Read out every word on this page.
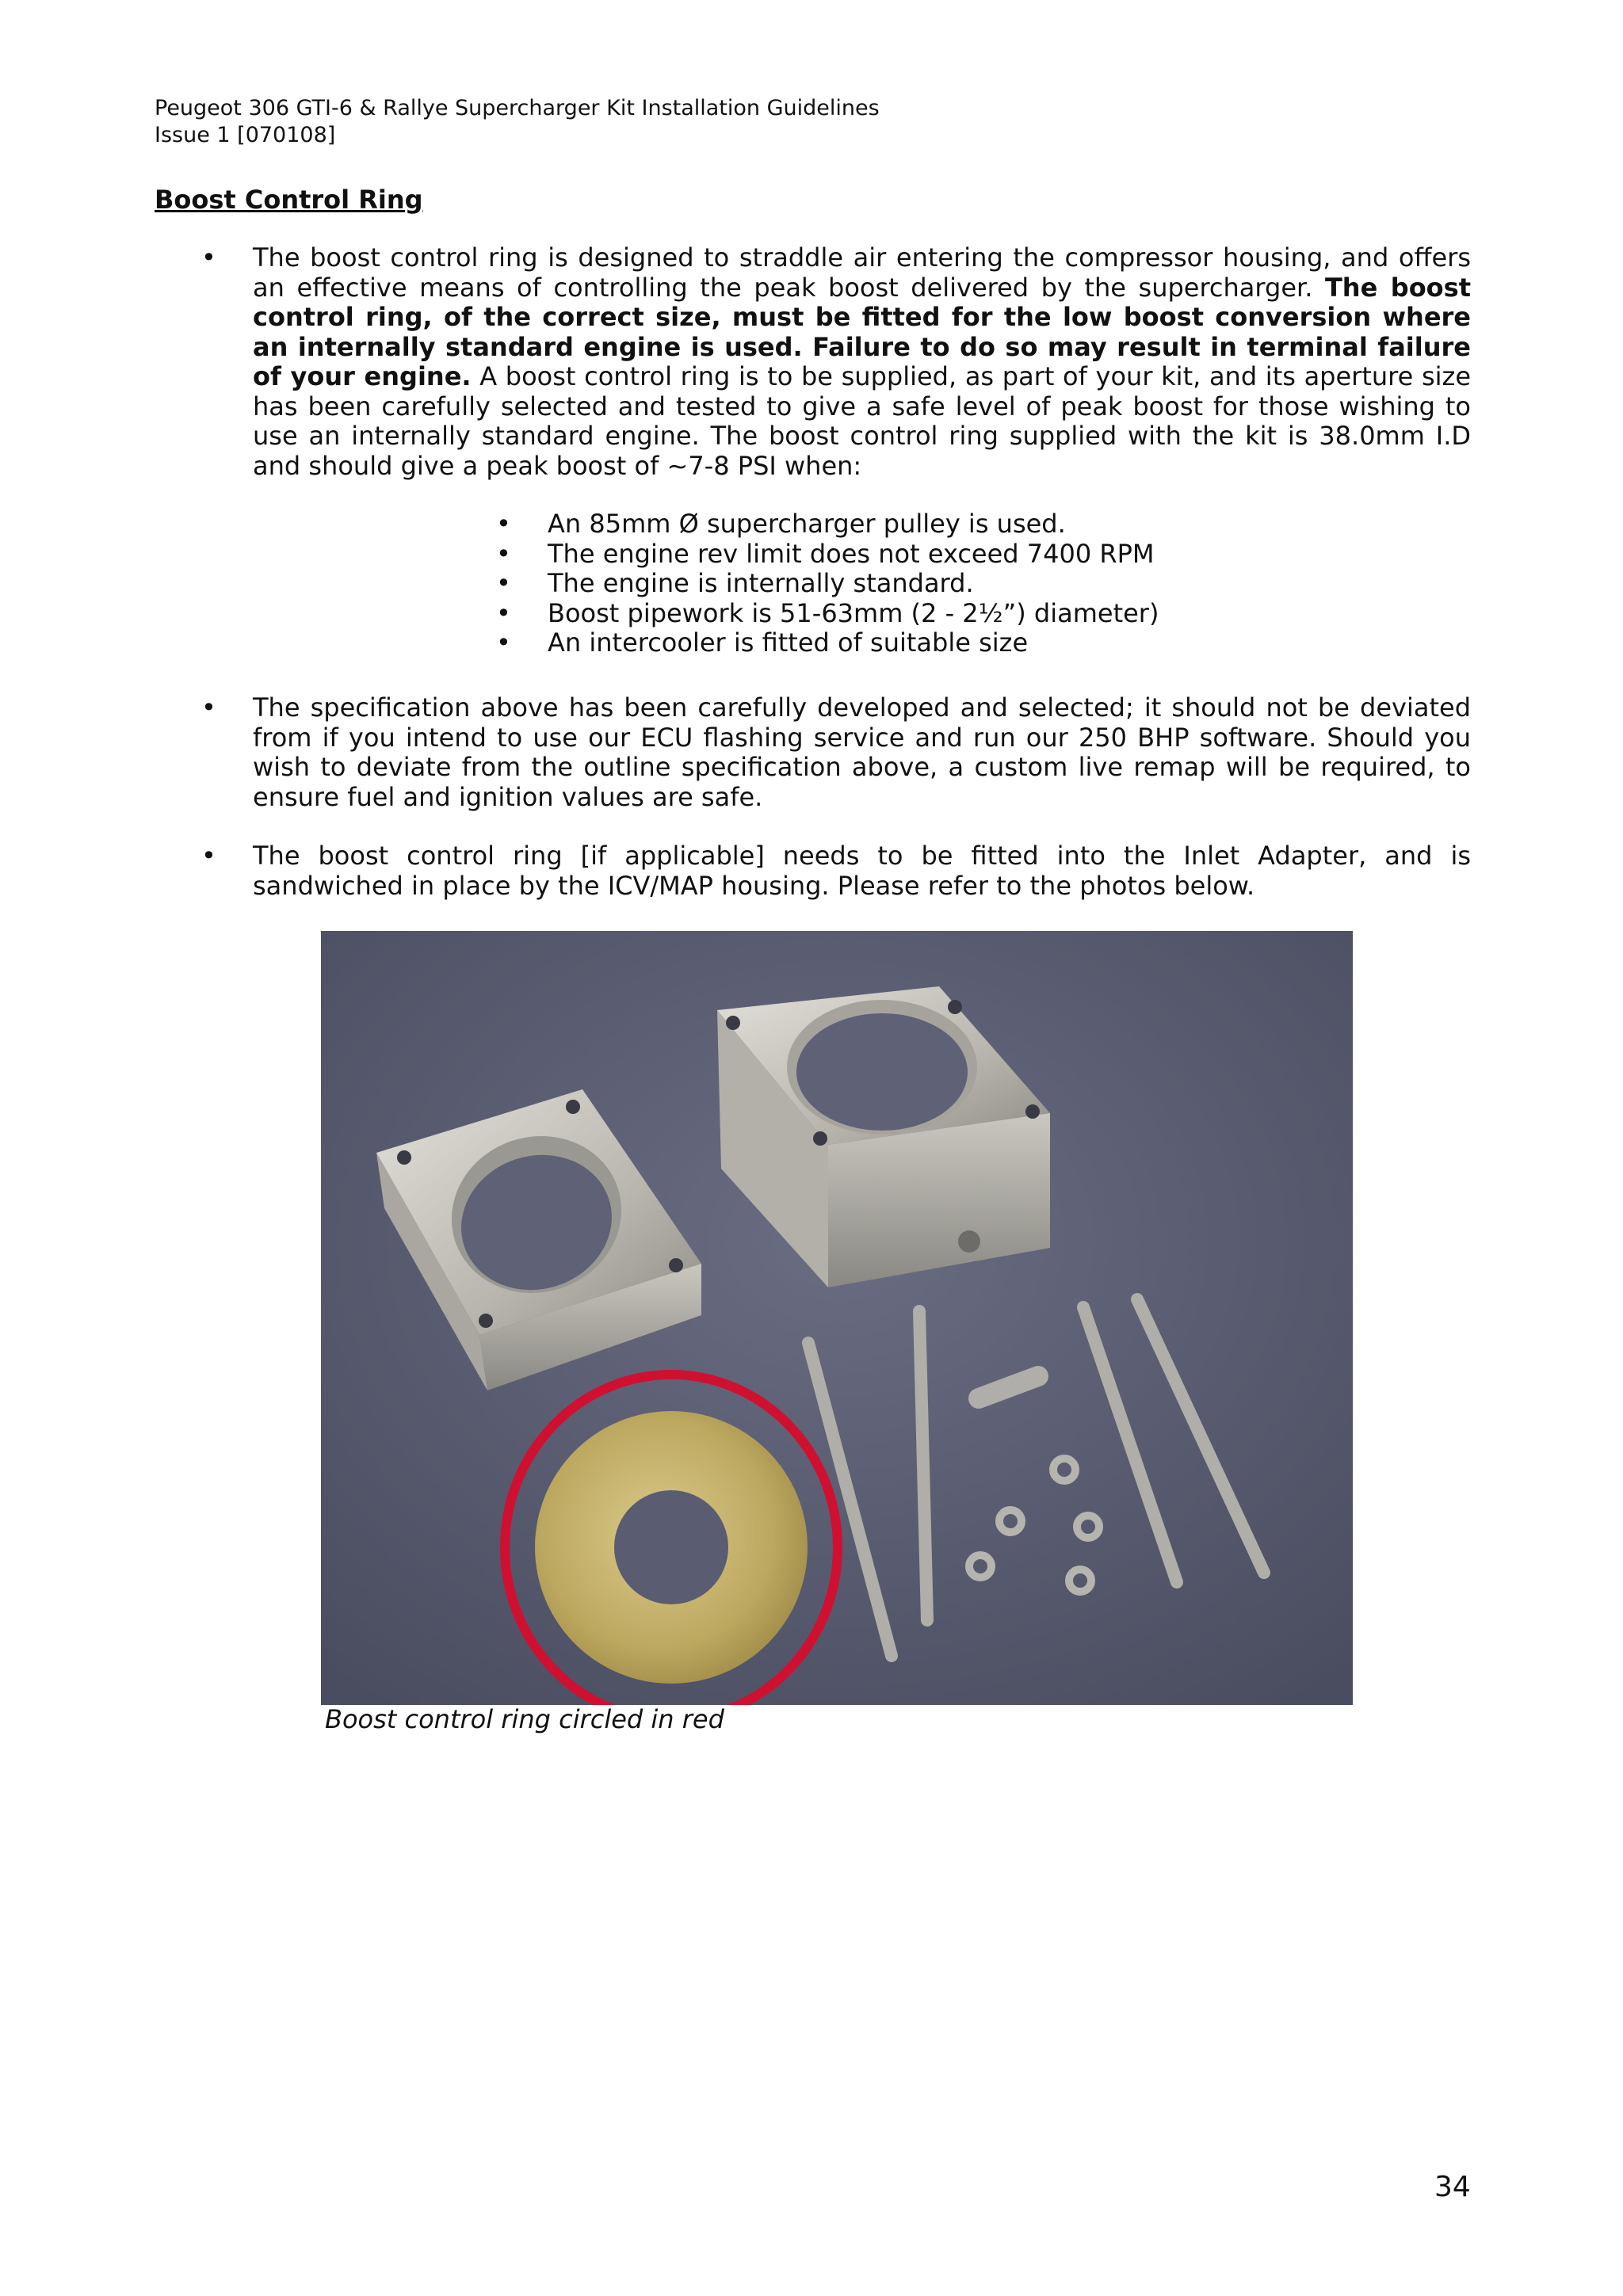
Peugeot 306 GTI-6 & Rallye Supercharger Kit Installation Guidelines
Issue 1 [070108]
Boost Control Ring
• The boost control ring is designed to straddle air entering the compressor housing, and offers an effective means of controlling the peak boost delivered by the supercharger. The boost control ring, of the correct size, must be fitted for the low boost conversion where an internally standard engine is used. Failure to do so may result in terminal failure of your engine. A boost control ring is to be supplied, as part of your kit, and its aperture size has been carefully selected and tested to give a safe level of peak boost for those wishing to use an internally standard engine. The boost control ring supplied with the kit is 38.0mm I.D and should give a peak boost of ~7-8 PSI when:
• An 85mm Ø supercharger pulley is used.
• The engine rev limit does not exceed 7400 RPM
• The engine is internally standard.
• Boost pipework is 51-63mm (2 - 2½”) diameter)
• An intercooler is fitted of suitable size
• The specification above has been carefully developed and selected; it should not be deviated from if you intend to use our ECU flashing service and run our 250 BHP software. Should you wish to deviate from the outline specification above, a custom live remap will be required, to ensure fuel and ignition values are safe.
• The boost control ring [if applicable] needs to be fitted into the Inlet Adapter, and is sandwiched in place by the ICV/MAP housing. Please refer to the photos below.
Boost control ring circled in red
34
